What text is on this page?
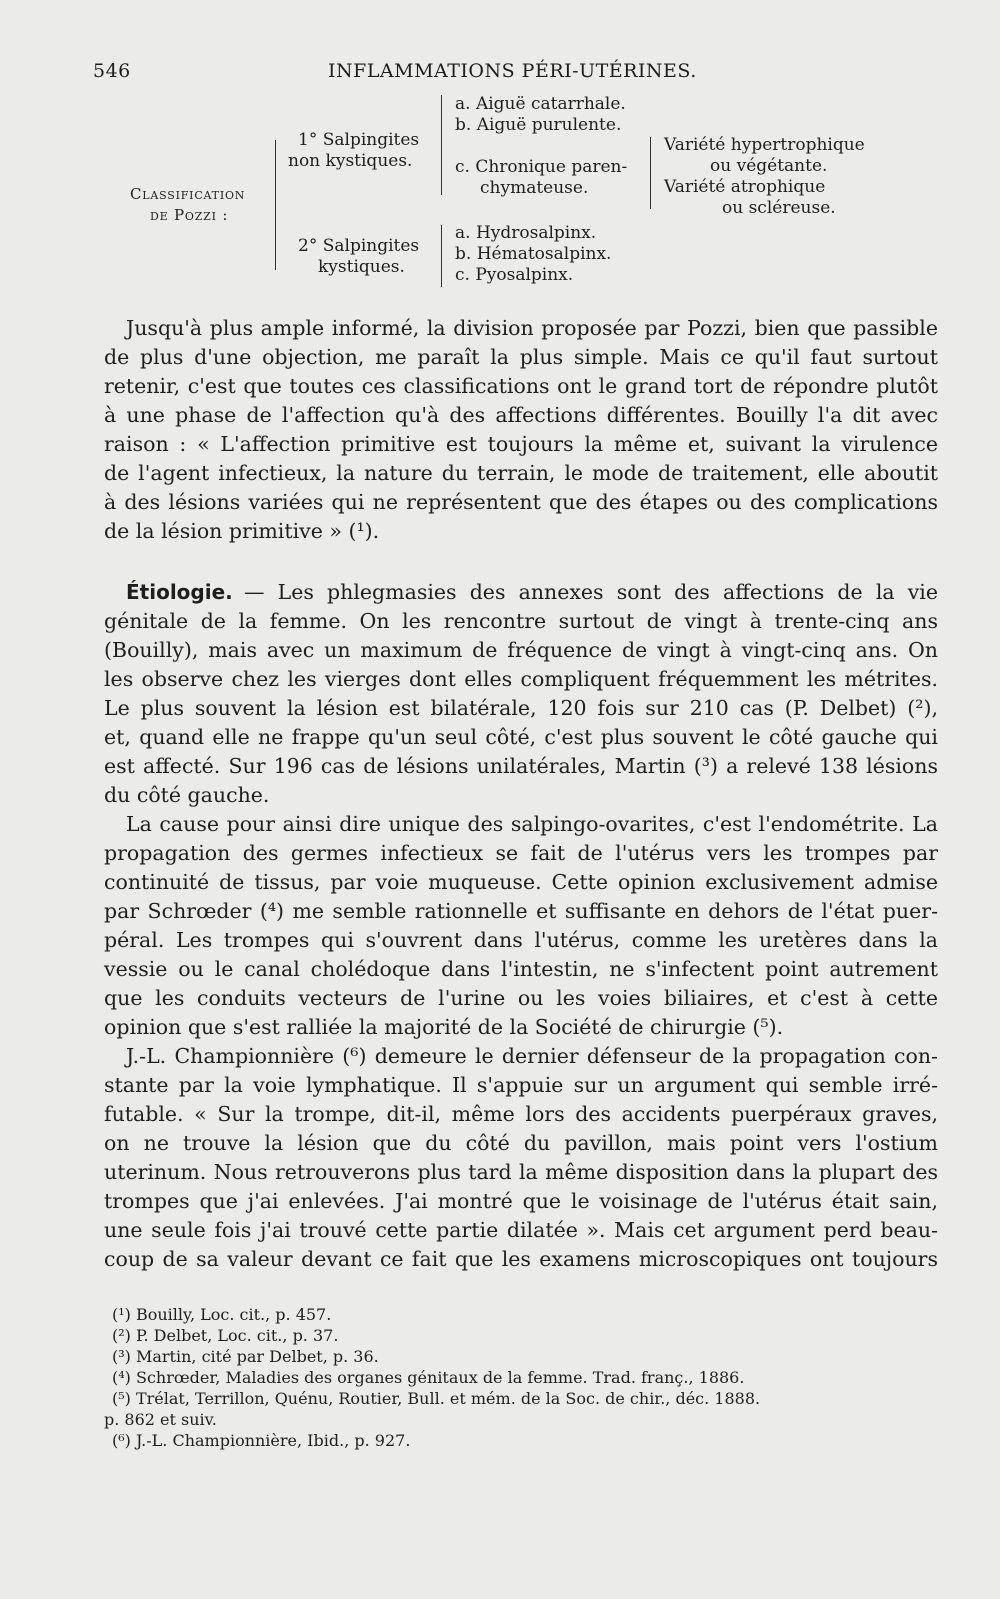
546	INFLAMMATIONS PÉRI-UTÉRINES.
Classification
de Pozzi :
1° Salpingites
non kystiques.
a. Aiguë catarrhale.
b. Aiguë purulente.
c. Chronique paren-
chymateuse.
Variété hypertrophique
ou végétante.
Variété atrophique
ou scléreuse.
2° Salpingites
kystiques.
a. Hydrosalpinx.
b. Hématosalpinx.
c. Pyosalpinx.
Jusqu'à plus ample informé, la division proposée par Pozzi, bien que passible
de plus d'une objection, me paraît la plus simple. Mais ce qu'il faut surtout
retenir, c'est que toutes ces classifications ont le grand tort de répondre plutôt
à une phase de l'affection qu'à des affections différentes. Bouilly l'a dit avec
raison : « L'affection primitive est toujours la même et, suivant la virulence
de l'agent infectieux, la nature du terrain, le mode de traitement, elle aboutit
à des lésions variées qui ne représentent que des étapes ou des complications
de la lésion primitive » (¹).
Étiologie. — Les phlegmasies des annexes sont des affections de la vie
génitale de la femme. On les rencontre surtout de vingt à trente-cinq ans
(Bouilly), mais avec un maximum de fréquence de vingt à vingt-cinq ans. On
les observe chez les vierges dont elles compliquent fréquemment les métrites.
Le plus souvent la lésion est bilatérale, 120 fois sur 210 cas (P. Delbet) (²),
et, quand elle ne frappe qu'un seul côté, c'est plus souvent le côté gauche qui
est affecté. Sur 196 cas de lésions unilatérales, Martin (³) a relevé 138 lésions
du côté gauche.
La cause pour ainsi dire unique des salpingo-ovarites, c'est l'endométrite. La
propagation des germes infectieux se fait de l'utérus vers les trompes par
continuité de tissus, par voie muqueuse. Cette opinion exclusivement admise
par Schrœder (⁴) me semble rationnelle et suffisante en dehors de l'état puer-
péral. Les trompes qui s'ouvrent dans l'utérus, comme les uretères dans la
vessie ou le canal cholédoque dans l'intestin, ne s'infectent point autrement
que les conduits vecteurs de l'urine ou les voies biliaires, et c'est à cette
opinion que s'est ralliée la majorité de la Société de chirurgie (⁵).
J.-L. Championnière (⁶) demeure le dernier défenseur de la propagation con-
stante par la voie lymphatique. Il s'appuie sur un argument qui semble irré-
futable. « Sur la trompe, dit-il, même lors des accidents puerpéraux graves,
on ne trouve la lésion que du côté du pavillon, mais point vers l'ostium
uterinum. Nous retrouverons plus tard la même disposition dans la plupart des
trompes que j'ai enlevées. J'ai montré que le voisinage de l'utérus était sain,
une seule fois j'ai trouvé cette partie dilatée ». Mais cet argument perd beau-
coup de sa valeur devant ce fait que les examens microscopiques ont toujours
(¹) Bouilly, Loc. cit., p. 457.
(²) P. Delbet, Loc. cit., p. 37.
(³) Martin, cité par Delbet, p. 36.
(⁴) Schrœder, Maladies des organes génitaux de la femme. Trad. franç., 1886.
(⁵) Trélat, Terrillon, Quénu, Routier, Bull. et mém. de la Soc. de chir., déc. 1888.
p. 862 et suiv.
(⁶) J.-L. Championnière, Ibid., p. 927.
